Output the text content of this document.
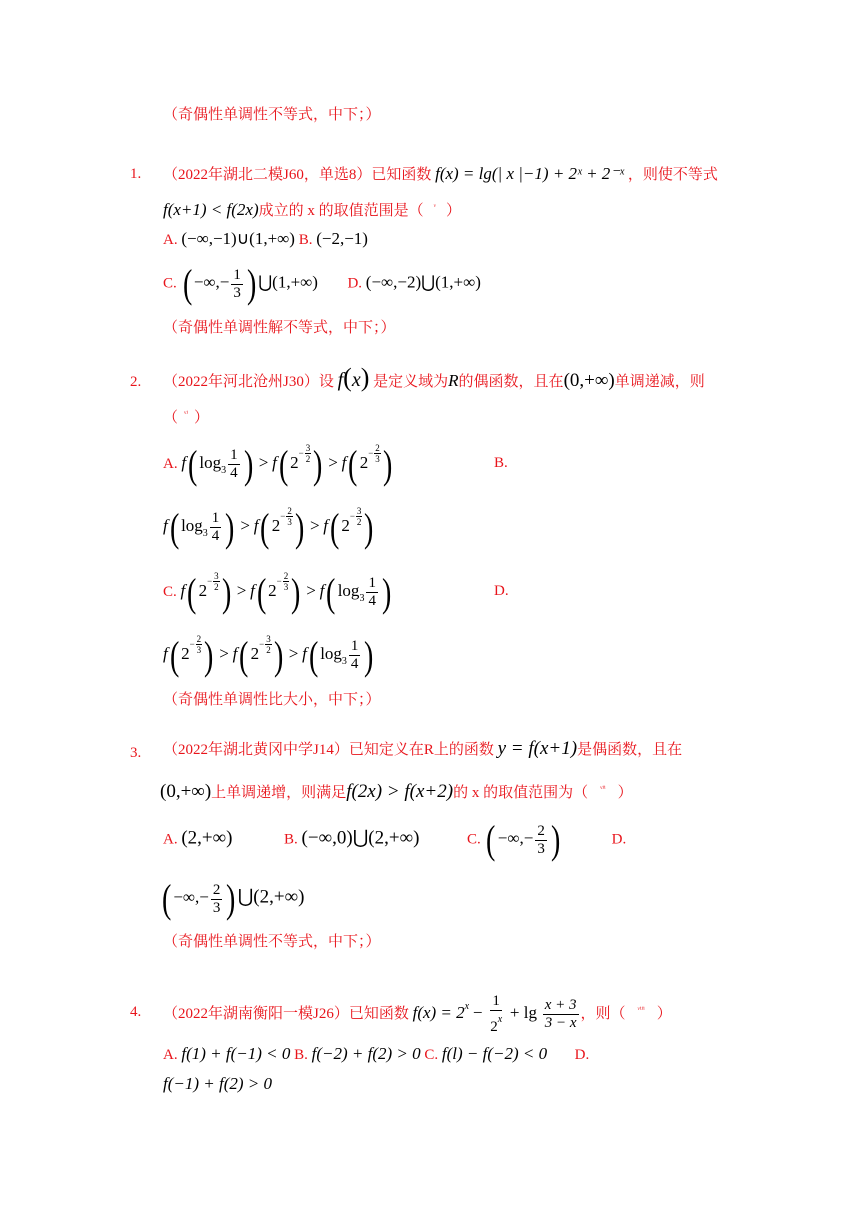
（奇偶性单调性不等式，中下；）
1. （2022年湖北二模J60，单选8）已知函数 f(x) = lg(| x |−1) + 2ˣ + 2⁻ˣ ，则使不等式
f(x+1) < f(2x)成立的 x 的取值范围是（ $^ᵛ$ ）
A. (−∞,−1)∪(1,+∞) B. (−2,−1)
C. ( −∞,− $\frac{1}{3}$ ) ⋃(1,+∞) D. (−∞,−2)⋃(1,+∞)
（奇偶性单调性解不等式，中下；）
2. （2022年河北沧州J30）设 f(x) 是定义域为R的偶函数，且在(0,+∞)单调递减，则
（ $^{ᵛ^i}$ ）
A. f( $\log_3 \frac{1}{4}$ ) > f( 2− 3
2 ) > f( 2− 2
3 )	B.
f( $\log_3 \frac{1}{4}$ ) > f( 2− 2
3 ) > f( 2− 3
2 )
C. f( 2− 3
2 ) > f( 2− 2
3 ) > f( $\log_3 \frac{1}{4}$ )	D.
f( 2− 2
3 ) > f( 2− 3
2 ) > f( $\log_3 \frac{1}{4}$ )
（奇偶性单调性比大小，中下；）
3. （2022年湖北黄冈中学J14）已知定义在R上的函数 y = f(x+1)是偶函数，且在
(0,+∞)上单调递增，则满足f(2x) > f(x+2)的 x 的取值范围为（ $^{ᵛ^{ii}}$ ）
A. (2,+∞)	B. (−∞,0)⋃(2,+∞)	C. ( −∞,− $\frac{2}{3}$ )	D.
( −∞,− $\frac{2}{3}$ ) ⋃(2,+∞)
（奇偶性单调性不等式，中下；）
4. （2022年湖南衡阳一模J26）已知函数 $f(x) = 2^x - \frac{1}{2^x} + \lg \frac{x + 3}{3 - x}$ ，则（ $^{ᵛ^{iii}}$ ）
A. f(1) + f(−1) < 0 B. f(−2) + f(2) > 0 C. f(l) − f(−2) < 0 D.
f(−1) + f(2) > 0
